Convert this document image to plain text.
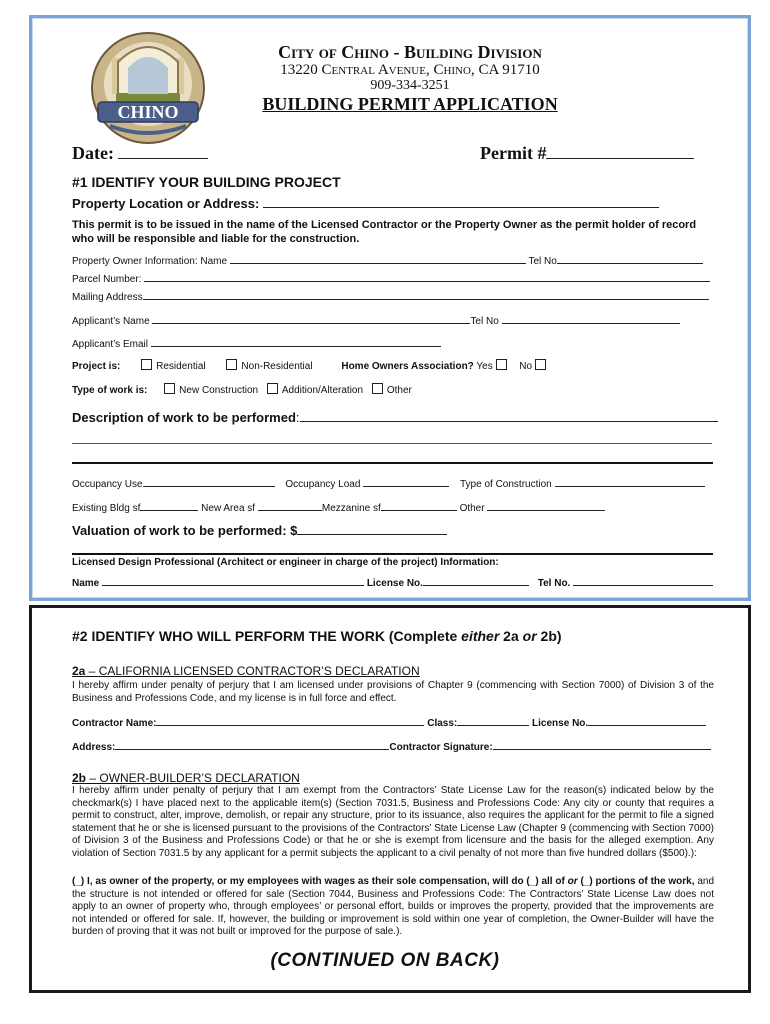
CHINO
City of Chino - Building Division
13220 Central Avenue, Chino, CA 91710
909-334-3251
BUILDING PERMIT APPLICATION
Date:	Permit #
#1 IDENTIFY YOUR BUILDING PROJECT
Property Location or Address:
This permit is to be issued in the name of the Licensed Contractor or the Property Owner as the permit holder of record who will be responsible and liable for the construction.
Property Owner Information: Name	Tel No
Parcel Number:
Mailing Address
Applicant’s Name	Tel No
Applicant’s Email
Project is:	Residential	Non-Residential	Home Owners Association? Yes	No
Type of work is:	New Construction Addition/Alteration Other
Description of work to be performed:
Occupancy Use	Occupancy Load	Type of Construction
Existing Bldg sf	New Area sf	Mezzanine sf	Other
Valuation of work to be performed: $
Licensed Design Professional (Architect or engineer in charge of the project) Information:
Name	License No.	Tel No.
#2 IDENTIFY WHO WILL PERFORM THE WORK (Complete either 2a or 2b)
2a – CALIFORNIA LICENSED CONTRACTOR’S DECLARATION
I hereby affirm under penalty of perjury that I am licensed under provisions of Chapter 9 (commencing with Section 7000) of Division 3 of the Business and Professions Code, and my license is in full force and effect.
Contractor Name:	Class:	License No.
Address:	Contractor Signature:
2b – OWNER-BUILDER’S DECLARATION
I hereby affirm under penalty of perjury that I am exempt from the Contractors’ State License Law for the reason(s) indicated below by the checkmark(s) I have placed next to the applicable item(s) (Section 7031.5, Business and Professions Code: Any city or county that requires a permit to construct, alter, improve, demolish, or repair any structure, prior to its issuance, also requires the applicant for the permit to file a signed statement that he or she is licensed pursuant to the provisions of the Contractors’ State License Law (Chapter 9 (commencing with Section 7000) of Division 3 of the Business and Professions Code) or that he or she is exempt from licensure and the basis for the alleged exemption. Any violation of Section 7031.5 by any applicant for a permit subjects the applicant to a civil penalty of not more than five hundred dollars ($500).):
(_) I, as owner of the property, or my employees with wages as their sole compensation, will do (_) all of or (_) portions of the work, and the structure is not intended or offered for sale (Section 7044, Business and Professions Code: The Contractors’ State License Law does not apply to an owner of property who, through employees’ or personal effort, builds or improves the property, provided that the improvements are not intended or offered for sale. If, however, the building or improvement is sold within one year of completion, the Owner-Builder will have the burden of proving that it was not built or improved for the purpose of sale.).
(CONTINUED ON BACK)
